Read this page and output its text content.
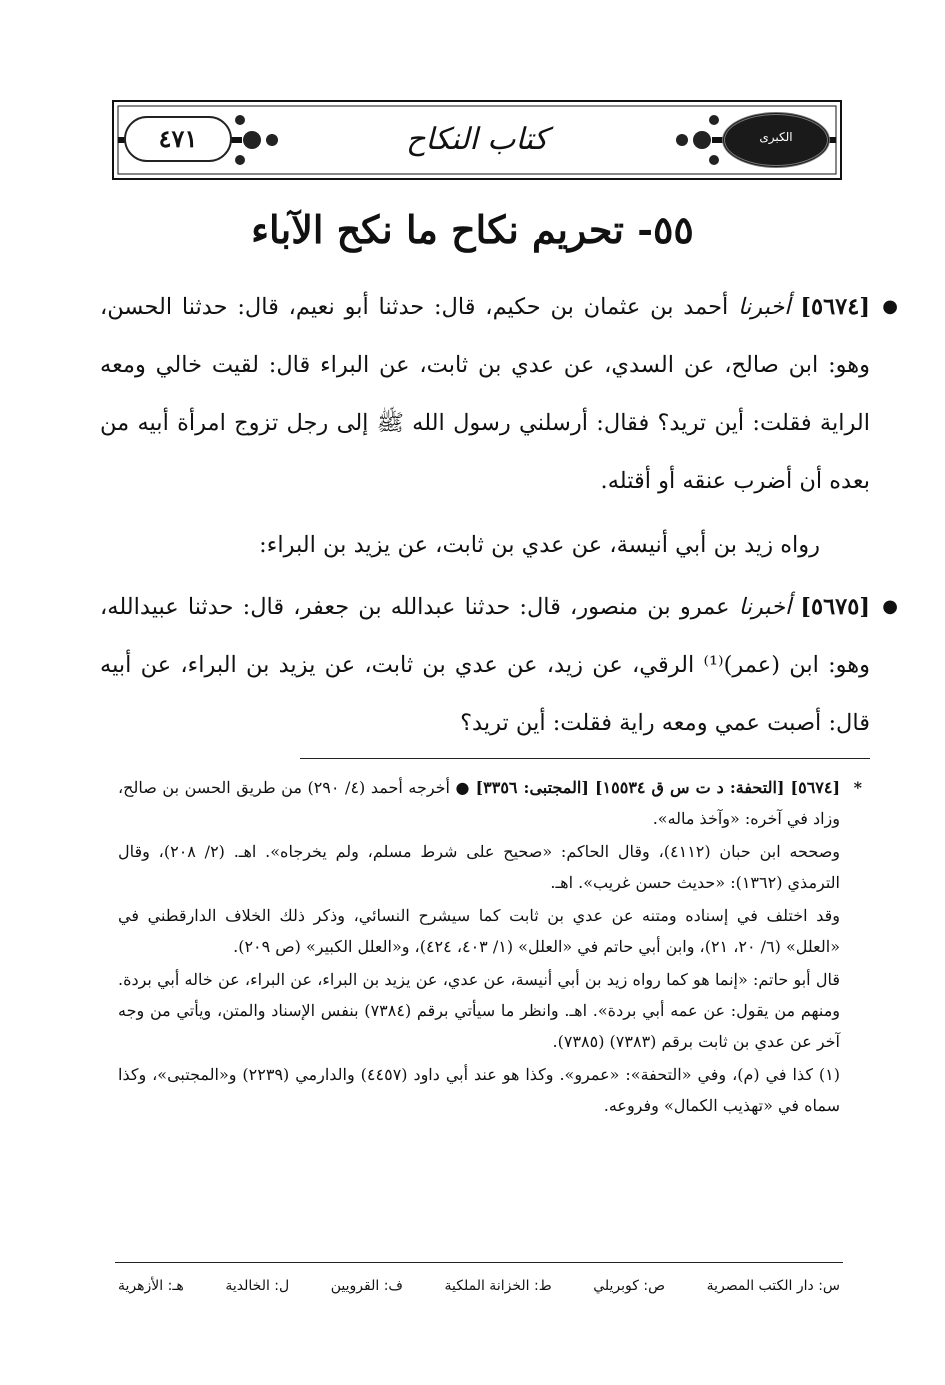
الكبرى
كتاب النكاح
٤٧١
٥٥- تحريم نكاح ما نكح الآباء

●
[٥٦٧٤] أخبرنا أحمد بن عثمان بن حكيم، قال: حدثنا أبو نعيم، قال: حدثنا الحسن، وهو: ابن صالح، عن السدي، عن عدي بن ثابت، عن البراء قال: لقيت خالي ومعه الراية فقلت: أين تريد؟ فقال: أرسلني رسول الله ﷺ إلى رجل تزوج امرأة أبيه من بعده أن أضرب عنقه أو أقتله.

رواه زيد بن أبي أنيسة، عن عدي بن ثابت، عن يزيد بن البراء:

●
[٥٦٧٥] أخبرنا عمرو بن منصور، قال: حدثنا عبدالله بن جعفر، قال: حدثنا عبيدالله، وهو: ابن (عمر)⁽¹⁾ الرقي، عن زيد، عن عدي بن ثابت، عن يزيد بن البراء، عن أبيه قال: أصبت عمي ومعه راية فقلت: أين تريد؟

*
[٥٦٧٤] [التحفة: د ت س ق ١٥٥٣٤] [المجتبى: ٣٣٥٦] ● أخرجه أحمد (٤/ ٢٩٠) من طريق الحسن بن صالح، وزاد في آخره: «وآخذ ماله».

وصححه ابن حبان (٤١١٢)، وقال الحاكم: «صحيح على شرط مسلم، ولم يخرجاه». اهـ. (٢/ ٢٠٨)، وقال الترمذي (١٣٦٢): «حديث حسن غريب». اهـ.

وقد اختلف في إسناده ومتنه عن عدي بن ثابت كما سيشرح النسائي، وذكر ذلك الخلاف الدارقطني في «العلل» (٦/ ٢٠، ٢١)، وابن أبي حاتم في «العلل» (١/ ٤٠٣، ٤٢٤)، و«العلل الكبير» (ص ٢٠٩).

قال أبو حاتم: «إنما هو كما رواه زيد بن أبي أنيسة، عن عدي، عن يزيد بن البراء، عن البراء، عن خاله أبي بردة. ومنهم من يقول: عن عمه أبي بردة». اهـ. وانظر ما سيأتي برقم (٧٣٨٤) بنفس الإسناد والمتن، ويأتي من وجه آخر عن عدي بن ثابت برقم (٧٣٨٣) (٧٣٨٥).

(١) كذا في (م)، وفي «التحفة»: «عمرو». وكذا هو عند أبي داود (٤٤٥٧) والدارمي (٢٢٣٩) و«المجتبى»، وكذا سماه في «تهذيب الكمال» وفروعه.

س: دار الكتب المصرية
ص: كوبريلي
ط: الخزانة الملكية
ف: القرويين
ل: الخالدية
هـ: الأزهرية
